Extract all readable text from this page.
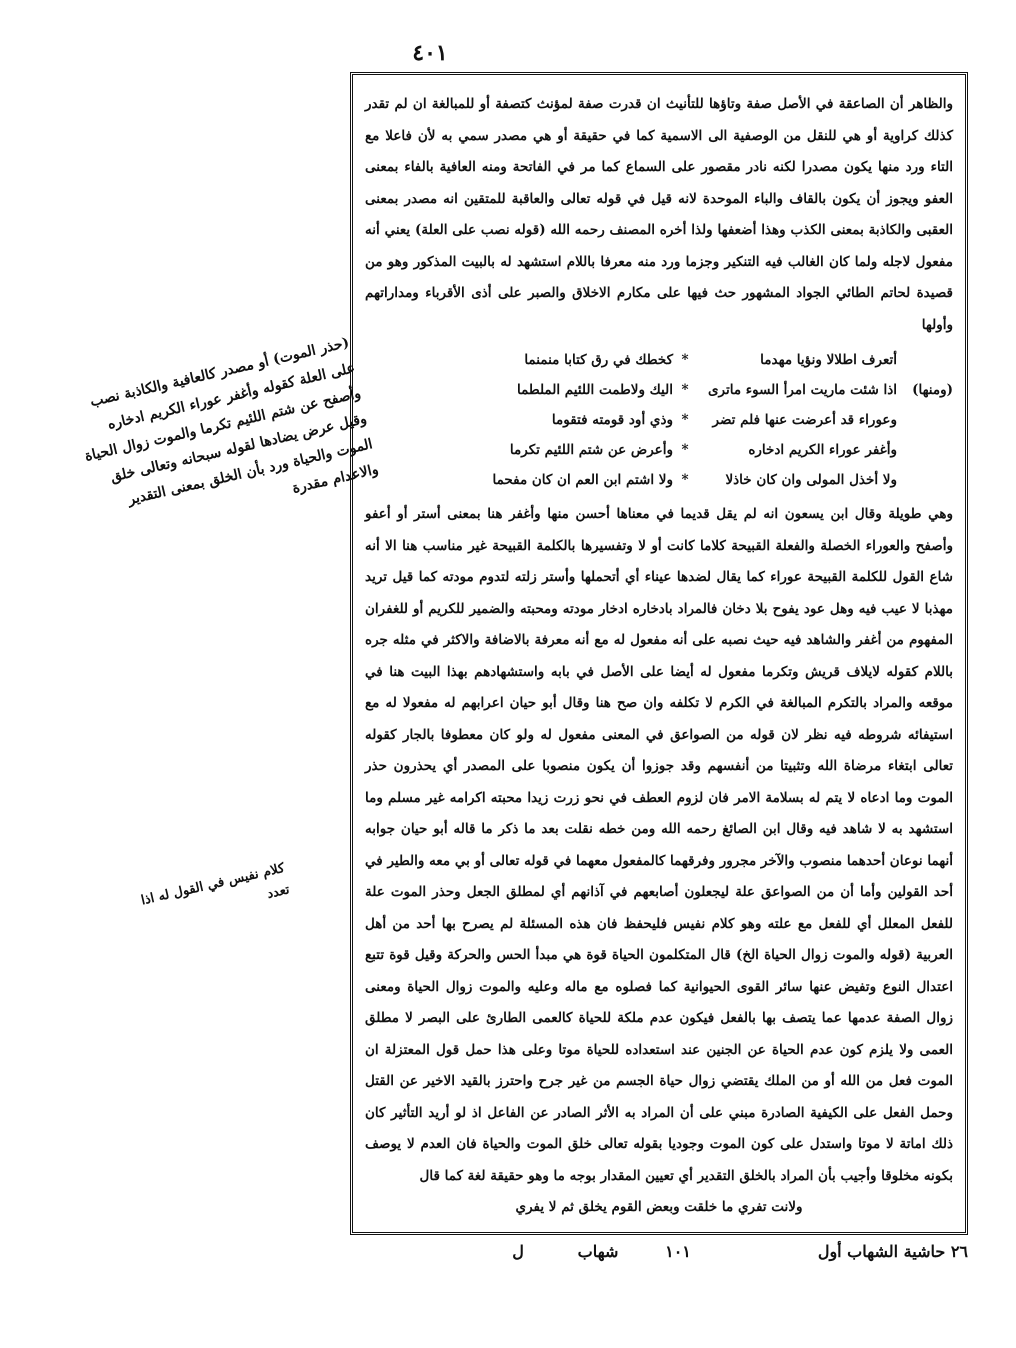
٤٠١
(حذر الموت) أو مصدر كالعافية والكاذبة نصب على العلة كقوله وأغفر عوراء الكريم ادخاره وأصفح عن شتم اللئيم تكرما والموت زوال الحياة وقيل عرض يضادها لقوله سبحانه وتعالى خلق الموت والحياة ورد بأن الخلق بمعنى التقدير والاعدام مقدرة
كلام نفيس في القول له اذا تعدد

والظاهر أن الصاعقة في الأصل صفة وتاؤها للتأنيث ان قدرت صفة لمؤنث كتصفة أو للمبالغة ان لم تقدر كذلك كراوية أو هي للنقل من الوصفية الى الاسمية كما في حقيقة أو هي مصدر سمي به لأن فاعلا مع التاء ورد منها يكون مصدرا لكنه نادر مقصور على السماع كما مر في الفاتحة ومنه العافية بالفاء بمعنى العفو ويجوز أن يكون بالقاف والباء الموحدة لانه قيل في قوله تعالى والعاقبة للمتقين انه مصدر بمعنى العقبى والكاذبة بمعنى الكذب وهذا أضعفها ولذا أخره المصنف رحمه الله (قوله نصب على العلة) يعني أنه مفعول لاجله ولما كان الغالب فيه التنكير وجزما ورد منه معرفا باللام استشهد له بالبيت المذكور وهو من قصيدة لحاتم الطائي الجواد المشهور حث فيها على مكارم الاخلاق والصبر على أذى الأقرباء ومداراتهم وأولها

أتعرف اطلالا ونؤيا مهدما
*
كخطك في رق كتابا منمنما
(ومنها)
اذا شئت ماريت امرأ السوء ماترى
*
اليك ولاطمت اللئيم الملطما
وعوراء قد أعرضت عنها فلم تضر
*
وذي أود قومته فتقوما
وأغفر عوراء الكريم ادخاره
*
وأعرض عن شتم اللئيم تكرما
ولا أخذل المولى وان كان خاذلا
*
ولا اشتم ابن العم ان كان مفحما

وهي طويلة وقال ابن يسعون انه لم يقل قديما في معناها أحسن منها وأغفر هنا بمعنى أستر أو أعفو وأصفح والعوراء الخصلة والفعلة القبيحة كلاما كانت أو لا وتفسيرها بالكلمة القبيحة غير مناسب هنا الا أنه شاع القول للكلمة القبيحة عوراء كما يقال لضدها عيناء أي أتحملها وأستر زلته لتدوم مودته كما قيل تريد مهذبا لا عيب فيه وهل عود يفوح بلا دخان فالمراد بادخاره ادخار مودته ومحبته والضمير للكريم أو للغفران المفهوم من أغفر والشاهد فيه حيث نصبه على أنه مفعول له مع أنه معرفة بالاضافة والاكثر في مثله جره باللام كقوله لايلاف قريش وتكرما مفعول له أيضا على الأصل في بابه واستشهادهم بهذا البيت هنا في موقعه والمراد بالتكرم المبالغة في الكرم لا تكلفه وان صح هنا وقال أبو حيان اعرابهم له مفعولا له مع استيفائه شروطه فيه نظر لان قوله من الصواعق في المعنى مفعول له ولو كان معطوفا بالجار كقوله تعالى ابتغاء مرضاة الله وتثبيتا من أنفسهم وقد جوزوا أن يكون منصوبا على المصدر أي يحذرون حذر الموت وما ادعاه لا يتم له بسلامة الامر فان لزوم العطف في نحو زرت زيدا محبته اكرامه غير مسلم وما استشهد به لا شاهد فيه وقال ابن الصائغ رحمه الله ومن خطه نقلت بعد ما ذكر ما قاله أبو حيان جوابه أنهما نوعان أحدهما منصوب والآخر مجرور وفرقهما كالمفعول معهما في قوله تعالى أو بي معه والطير في أحد القولين وأما أن من الصواعق علة ليجعلون أصابعهم في آذانهم أي لمطلق الجعل وحذر الموت علة للفعل المعلل أي للفعل مع علته وهو كلام نفيس فليحفظ فان هذه المسئلة لم يصرح بها أحد من أهل العربية (قوله والموت زوال الحياة الخ) قال المتكلمون الحياة قوة هي مبدأ الحس والحركة وقيل قوة تتبع اعتدال النوع وتفيض عنها سائر القوى الحيوانية كما فصلوه مع ماله وعليه والموت زوال الحياة ومعنى زوال الصفة عدمها عما يتصف بها بالفعل فيكون عدم ملكة للحياة كالعمى الطارئ على البصر لا مطلق العمى ولا يلزم كون عدم الحياة عن الجنين عند استعداده للحياة موتا وعلى هذا حمل قول المعتزلة ان الموت فعل من الله أو من الملك يقتضي زوال حياة الجسم من غير جرح واحترز بالقيد الاخير عن القتل وحمل الفعل على الكيفية الصادرة مبني على أن المراد به الأثر الصادر عن الفاعل اذ لو أريد التأثير كان ذلك اماتة لا موتا واستدل على كون الموت وجوديا بقوله تعالى خلق الموت والحياة فان العدم لا يوصف بكونه مخلوقا وأجيب بأن المراد بالخلق التقدير أي تعيين المقدار بوجه ما وهو حقيقة لغة كما قال

ولانت تفري ما خلقت وبعض القوم يخلق ثم لا يفري

٢٦ حاشية الشهاب أول
١٠١
شهاب
ل
